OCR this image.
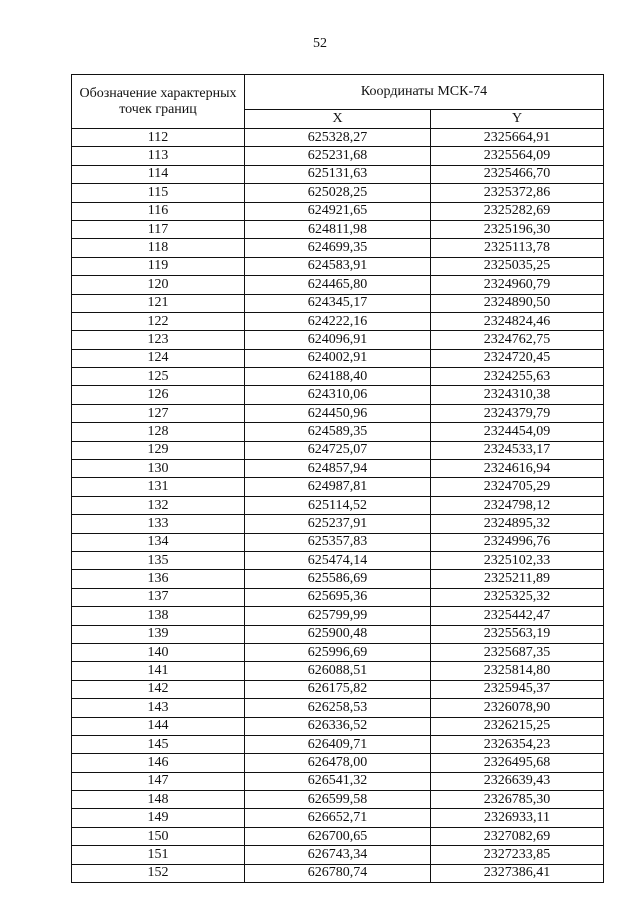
52
Обозначение характерных точек границ	Координаты МСК-74	
	X	Y
112	625328,27	2325664,91
113	625231,68	2325564,09
114	625131,63	2325466,70
115	625028,25	2325372,86
116	624921,65	2325282,69
117	624811,98	2325196,30
118	624699,35	2325113,78
119	624583,91	2325035,25
120	624465,80	2324960,79
121	624345,17	2324890,50
122	624222,16	2324824,46
123	624096,91	2324762,75
124	624002,91	2324720,45
125	624188,40	2324255,63
126	624310,06	2324310,38
127	624450,96	2324379,79
128	624589,35	2324454,09
129	624725,07	2324533,17
130	624857,94	2324616,94
131	624987,81	2324705,29
132	625114,52	2324798,12
133	625237,91	2324895,32
134	625357,83	2324996,76
135	625474,14	2325102,33
136	625586,69	2325211,89
137	625695,36	2325325,32
138	625799,99	2325442,47
139	625900,48	2325563,19
140	625996,69	2325687,35
141	626088,51	2325814,80
142	626175,82	2325945,37
143	626258,53	2326078,90
144	626336,52	2326215,25
145	626409,71	2326354,23
146	626478,00	2326495,68
147	626541,32	2326639,43
148	626599,58	2326785,30
149	626652,71	2326933,11
150	626700,65	2327082,69
151	626743,34	2327233,85
152	626780,74	2327386,41
